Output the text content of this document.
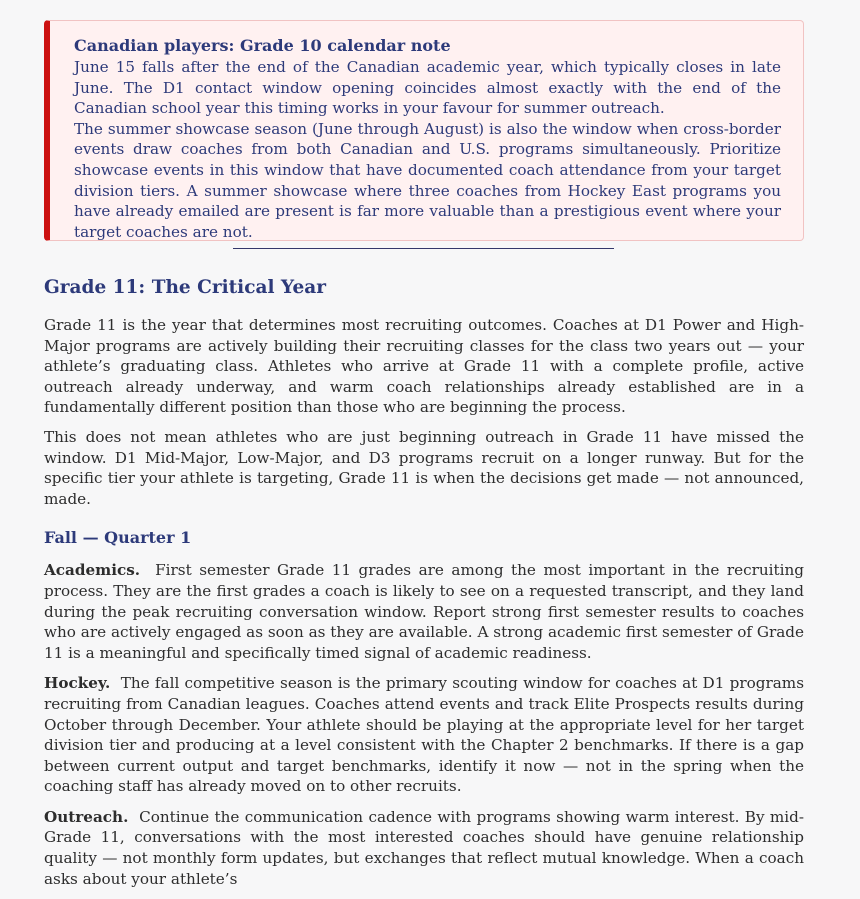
Canadian players: Grade 10 calendar note

June 15 falls after the end of the Canadian academic year, which typically closes in late June. The D1 contact window opening coincides almost exactly with the end of the Canadian school year this timing works in your favour for summer outreach.

The summer showcase season (June through August) is also the window when cross-border events draw coaches from both Canadian and U.S. programs simultaneously. Prioritize showcase events in this window that have documented coach attendance from your target division tiers. A summer showcase where three coaches from Hockey East programs you have already emailed are present is far more valuable than a prestigious event where your target coaches are not.

Grade 11: The Critical Year

Grade 11 is the year that determines most recruiting outcomes. Coaches at D1 Power and High-Major programs are actively building their recruiting classes for the class two years out — your athlete’s graduating class. Athletes who arrive at Grade 11 with a complete profile, active outreach already underway, and warm coach relationships already established are in a fundamentally different position than those who are beginning the process.

This does not mean athletes who are just beginning outreach in Grade 11 have missed the window. D1 Mid-Major, Low-Major, and D3 programs recruit on a longer runway. But for the specific tier your athlete is targeting, Grade 11 is when the decisions get made — not announced, made.

Fall — Quarter 1

Academics. First semester Grade 11 grades are among the most important in the recruiting process. They are the first grades a coach is likely to see on a requested transcript, and they land during the peak recruiting conversation window. Report strong first semester results to coaches who are actively engaged as soon as they are available. A strong academic first semester of Grade 11 is a meaningful and specifically timed signal of academic readiness.

Hockey. The fall competitive season is the primary scouting window for coaches at D1 programs recruiting from Canadian leagues. Coaches attend events and track Elite Prospects results during October through December. Your athlete should be playing at the appropriate level for her target division tier and producing at a level consistent with the Chapter 2 benchmarks. If there is a gap between current output and target benchmarks, identify it now — not in the spring when the coaching staff has already moved on to other recruits.

Outreach. Continue the communication cadence with programs showing warm interest. By mid-Grade 11, conversations with the most interested coaches should have genuine relationship quality — not monthly form updates, but exchanges that reflect mutual knowledge. When a coach asks about your athlete’s
